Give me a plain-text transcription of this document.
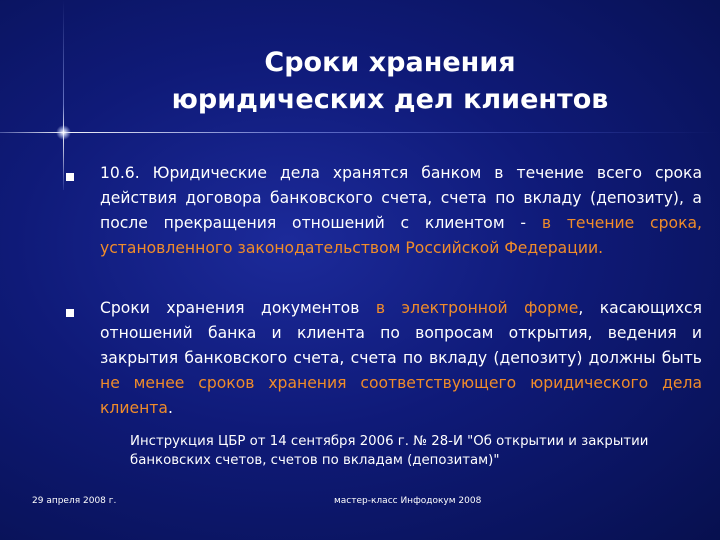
Сроки хранения
юридических дел клиентов
10.6. Юридические дела хранятся банком в течение всего срока действия договора банковского счета, счета по вкладу (депозиту), а после прекращения отношений с клиентом - в течение срока, установленного законодательством Российской Федерации.
Сроки хранения документов в электронной форме, касающихся отношений банка и клиента по вопросам открытия, ведения и закрытия банковского счета, счета по вкладу (депозиту) должны быть не менее сроков хранения соответствующего юридического дела клиента.
Инструкция ЦБР от 14 сентября 2006 г. № 28-И "Об открытии и закрытии
банковских счетов, счетов по вкладам (депозитам)"
29 апреля 2008 г.	мастер-класс Инфодокум 2008
